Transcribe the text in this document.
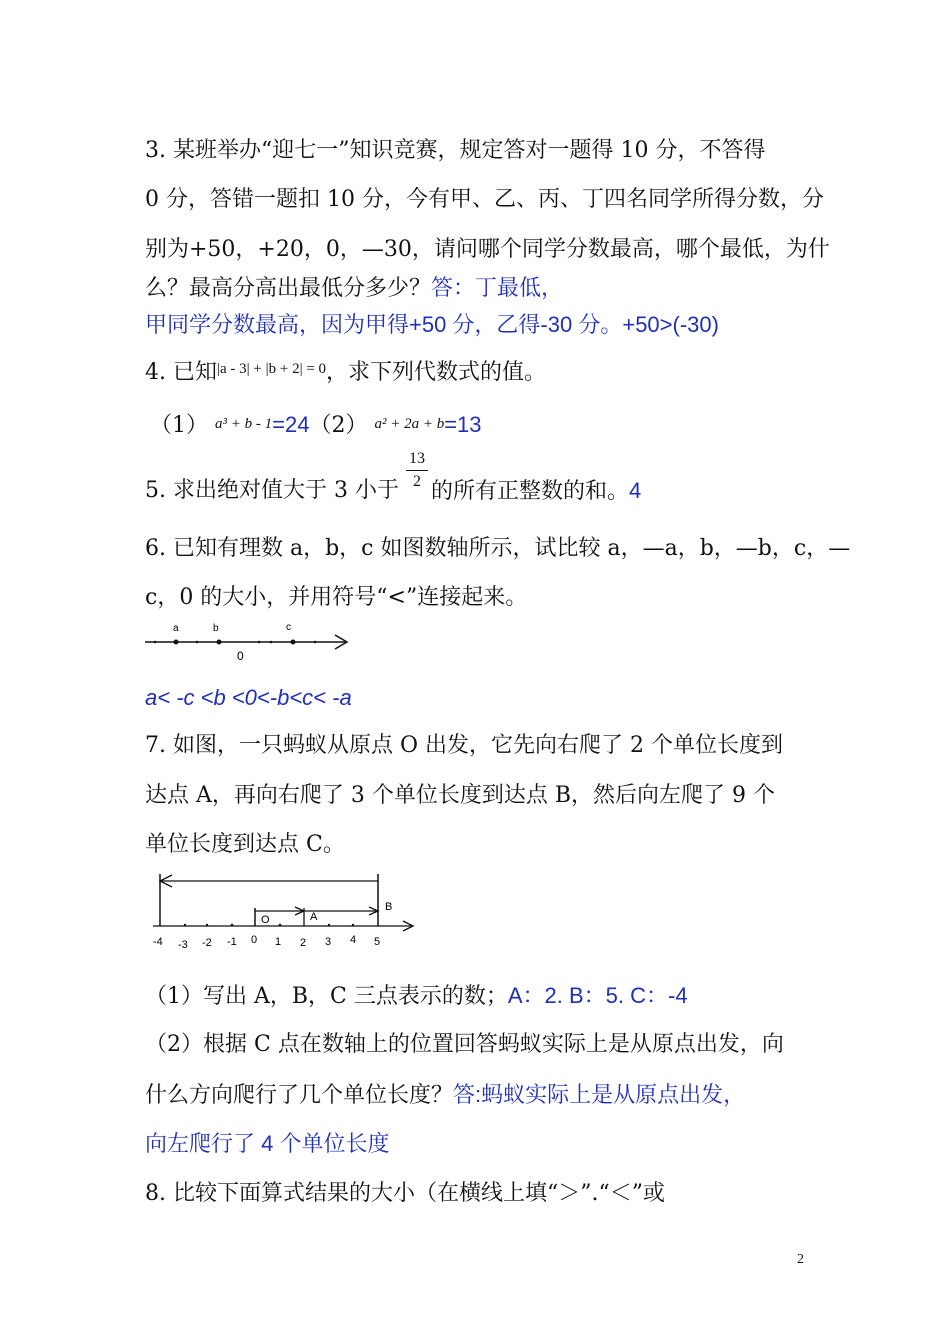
3. 某班举办“迎七一”知识竞赛，规定答对一题得 10 分，不答得
0 分，答错一题扣 10 分，今有甲、乙、丙、丁四名同学所得分数，分
别为+50，+20，0，—30，请问哪个同学分数最高，哪个最低，为什
么？最高分高出最低分多少？答：丁最低，
甲同学分数最高，因为甲得+50 分，乙得-30 分。+50>(-30)
4. 已知$^{|a - 3| + |b + 2| = 0}$，求下列代数式的值。
（1） a³ + b - 1=24（2） a² + 2a + b=13
5. 求出绝对值大于 3 小于
13
2 的所有正整数的和。4
6. 已知有理数 a，b，c 如图数轴所示，试比较 a，—a，b，—b，c，—
c，0 的大小，并用符号“<”连接起来。
a	b	c
0
a< -c <b <0<-b<c< -a
7. 如图，一只蚂蚁从原点 O 出发，它先向右爬了 2 个单位长度到
达点 A，再向右爬了 3 个单位长度到达点 B，然后向左爬了 9 个
单位长度到达点 C。
O	A
B
-4 -3 -2 -1 0 1 2 3 4 5
（1）写出 A，B，C 三点表示的数；A：2. B：5. C：-4
（2）根据 C 点在数轴上的位置回答蚂蚁实际上是从原点出发，向
什么方向爬行了几个单位长度？答:蚂蚁实际上是从原点出发，
向左爬行了 4 个单位长度
8. 比较下面算式结果的大小（在横线上填“＞”.“＜”或
2
